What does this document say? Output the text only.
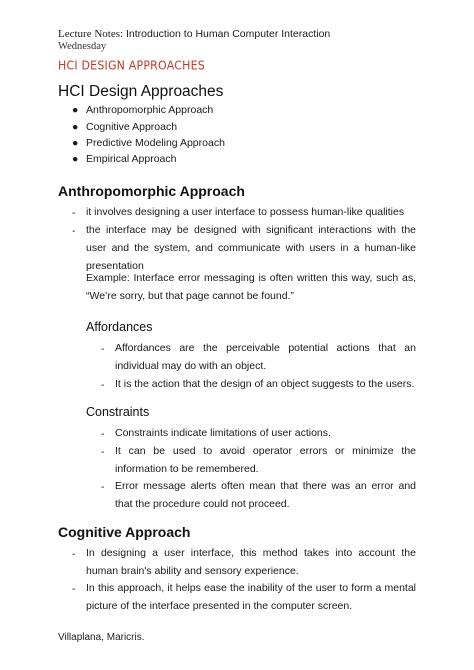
Lecture Notes: Introduction to Human Computer Interaction
Wednesday
HCI DESIGN APPROACHES
HCI Design Approaches
● Anthropomorphic Approach
● Cognitive Approach
● Predictive Modeling Approach
● Empirical Approach
Anthropomorphic Approach
- it involves designing a user interface to possess human-like qualities
- the interface may be designed with significant interactions with the user and the system, and communicate with users in a human-like presentation
Example: Interface error messaging is often written this way, such as, “We’re sorry, but that page cannot be found.”
Affordances
- Affordances are the perceivable potential actions that an individual may do with an object.
- It is the action that the design of an object suggests to the users.
Constraints
- Constraints indicate limitations of user actions.
- It can be used to avoid operator errors or minimize the information to be remembered.
- Error message alerts often mean that there was an error and that the procedure could not proceed.
Cognitive Approach
- In designing a user interface, this method takes into account the human brain's ability and sensory experience.
- In this approach, it helps ease the inability of the user to form a mental picture of the interface presented in the computer screen.
Villaplana, Maricris.
